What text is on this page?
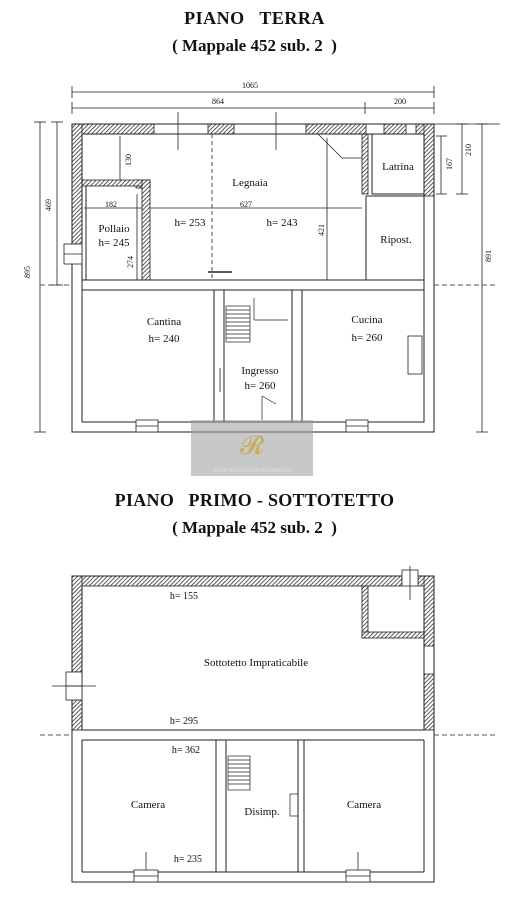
PIANO   TERRA
( Mappale 452 sub. 2  )
PIANO   PRIMO - SOTTOTETTO
( Mappale 452 sub. 2  )
1065
864	200
895
469
891
210
167
130
182	627
421
274
Legnaia
Latrina
Ripost.
Pollaio
h= 245
h= 253	h= 243
Cantina
h= 240
Ingresso
h= 260
Cucina
h= 260
𝓡
ARTE PRESTITI INVESTIMENTI
h= 155
Sottotetto Impraticabile
h= 295
h= 362
Camera
Disimp.
Camera
h= 235
